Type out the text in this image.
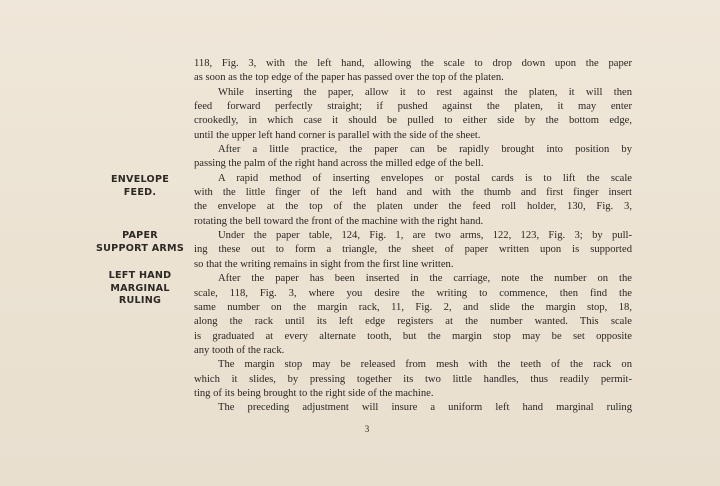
ENVELOPE
FEED.
PAPER
SUPPORT ARMS
LEFT HAND
MARGINAL
RULING
118, Fig. 3, with the left hand, allowing the scale to drop down upon the paper
as soon as the top edge of the paper has passed over the top of the platen.
While inserting the paper, allow it to rest against the platen, it will then
feed forward perfectly straight; if pushed against the platen, it may enter
crookedly, in which case it should be pulled to either side by the bottom edge,
until the upper left hand corner is parallel with the side of the sheet.
After a little practice, the paper can be rapidly brought into position by
passing the palm of the right hand across the milled edge of the bell.
A rapid method of inserting envelopes or postal cards is to lift the scale
with the little finger of the left hand and with the thumb and first finger insert
the envelope at the top of the platen under the feed roll holder, 130, Fig. 3,
rotating the bell toward the front of the machine with the right hand.
Under the paper table, 124, Fig. 1, are two arms, 122, 123, Fig. 3; by pull-
ing these out to form a triangle, the sheet of paper written upon is supported
so that the writing remains in sight from the first line written.
After the paper has been inserted in the carriage, note the number on the
scale, 118, Fig. 3, where you desire the writing to commence, then find the
same number on the margin rack, 11, Fig. 2, and slide the margin stop, 18,
along the rack until its left edge registers at the number wanted. This scale
is graduated at every alternate tooth, but the margin stop may be set opposite
any tooth of the rack.
The margin stop may be released from mesh with the teeth of the rack on
which it slides, by pressing together its two little handles, thus readily permit-
ting of its being brought to the right side of the machine.
The preceding adjustment will insure a uniform left hand marginal ruling
3
